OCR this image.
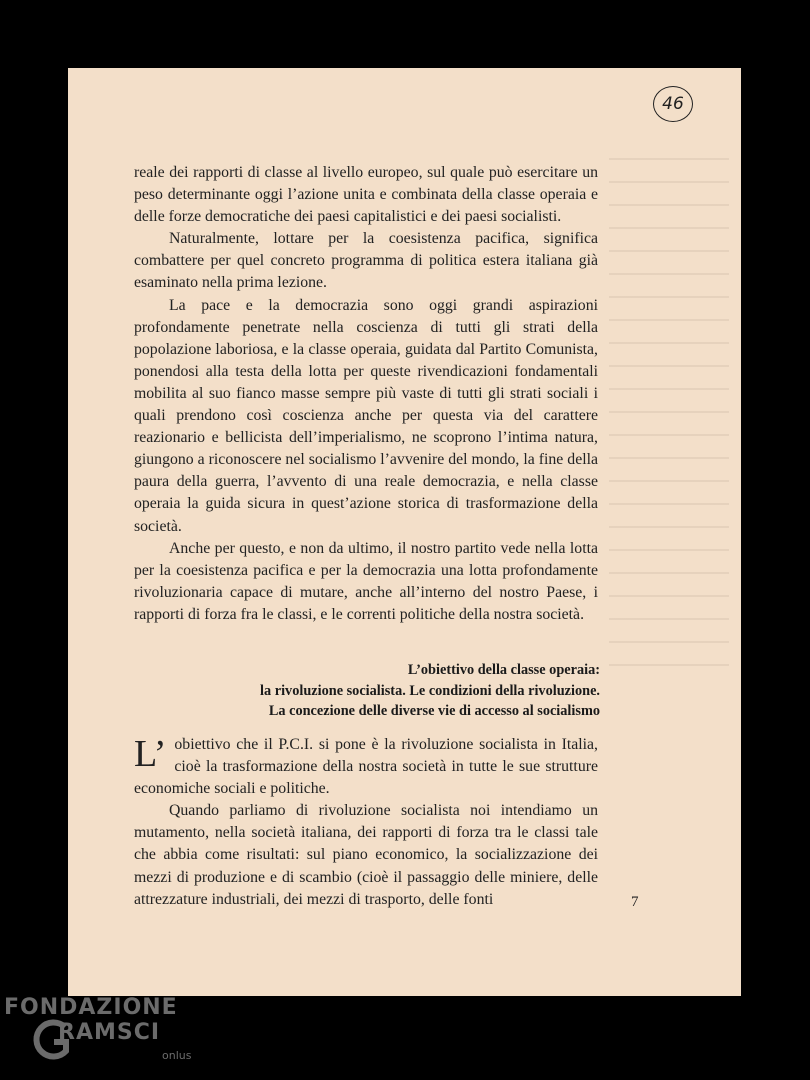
46

reale dei rapporti di classe al livello europeo, sul quale può esercitare un peso determinante oggi l’azione unita e combinata della classe operaia e delle forze democratiche dei paesi capitalistici e dei paesi socialisti.

Naturalmente, lottare per la coesistenza pacifica, significa combattere per quel concreto programma di politica estera italiana già esaminato nella prima lezione.

La pace e la democrazia sono oggi grandi aspirazioni profondamente penetrate nella coscienza di tutti gli strati della popolazione laboriosa, e la classe operaia, guidata dal Partito Comunista, ponendosi alla testa della lotta per queste rivendicazioni fondamentali mobilita al suo fianco masse sempre più vaste di tutti gli strati sociali i quali prendono così coscienza anche per questa via del carattere reazionario e bellicista dell’imperialismo, ne scoprono l’intima natura, giungono a riconoscere nel socialismo l’avvenire del mondo, la fine della paura della guerra, l’avvento di una reale democrazia, e nella classe operaia la guida sicura in quest’azione storica di trasformazione della società.

Anche per questo, e non da ultimo, il nostro partito vede nella lotta per la coesistenza pacifica e per la democrazia una lotta profondamente rivoluzionaria capace di mutare, anche all’interno del nostro Paese, i rapporti di forza fra le classi, e le correnti politiche della nostra società.

L’obiettivo della classe operaia:
la rivoluzione socialista. Le condizioni della rivoluzione.
La concezione delle diverse vie di accesso al socialismo

L’ obiettivo che il P.C.I. si pone è la rivoluzione socialista in Italia, cioè la trasformazione della nostra società in tutte le sue strutture economiche sociali e politiche.

Quando parliamo di rivoluzione socialista noi intendiamo un mutamento, nella società italiana, dei rapporti di forza tra le classi tale che abbia come risultati: sul piano economico, la socializzazione dei mezzi di produzione e di scambio (cioè il passaggio delle miniere, delle attrezzature industriali, dei mezzi di trasporto, delle fonti	7
FONDAZIONE
RAMSCI
onlus
